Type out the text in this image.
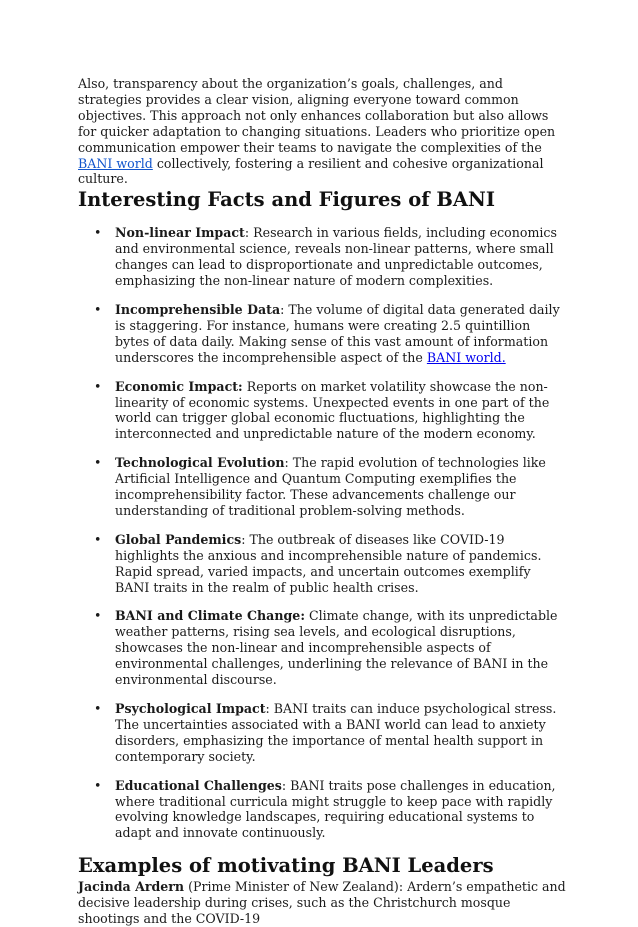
Also, transparency about the organization’s goals, challenges, and strategies provides a clear vision, aligning everyone toward common objectives. This approach not only enhances collaboration but also allows for quicker adaptation to changing situations. Leaders who prioritize open communication empower their teams to navigate the complexities of the BANI world collectively, fostering a resilient and cohesive organizational culture.

Interesting Facts and Figures of BANI
• Non-linear Impact: Research in various fields, including economics and environmental science, reveals non-linear patterns, where small changes can lead to disproportionate and unpredictable outcomes, emphasizing the non-linear nature of modern complexities.
• Incomprehensible Data: The volume of digital data generated daily is staggering. For instance, humans were creating 2.5 quintillion bytes of data daily. Making sense of this vast amount of information underscores the incomprehensible aspect of the BANI world.
• Economic Impact: Reports on market volatility showcase the non-linearity of economic systems. Unexpected events in one part of the world can trigger global economic fluctuations, highlighting the interconnected and unpredictable nature of the modern economy.
• Technological Evolution: The rapid evolution of technologies like Artificial Intelligence and Quantum Computing exemplifies the incomprehensibility factor. These advancements challenge our understanding of traditional problem-solving methods.
• Global Pandemics: The outbreak of diseases like COVID-19 highlights the anxious and incomprehensible nature of pandemics. Rapid spread, varied impacts, and uncertain outcomes exemplify BANI traits in the realm of public health crises.
• BANI and Climate Change: Climate change, with its unpredictable weather patterns, rising sea levels, and ecological disruptions, showcases the non-linear and incomprehensible aspects of environmental challenges, underlining the relevance of BANI in the environmental discourse.
• Psychological Impact: BANI traits can induce psychological stress. The uncertainties associated with a BANI world can lead to anxiety disorders, emphasizing the importance of mental health support in contemporary society.
• Educational Challenges: BANI traits pose challenges in education, where traditional curricula might struggle to keep pace with rapidly evolving knowledge landscapes, requiring educational systems to adapt and innovate continuously.
Examples of motivating BANI Leaders

Jacinda Ardern (Prime Minister of New Zealand): Ardern’s empathetic and decisive leadership during crises, such as the Christchurch mosque shootings and the COVID-19
